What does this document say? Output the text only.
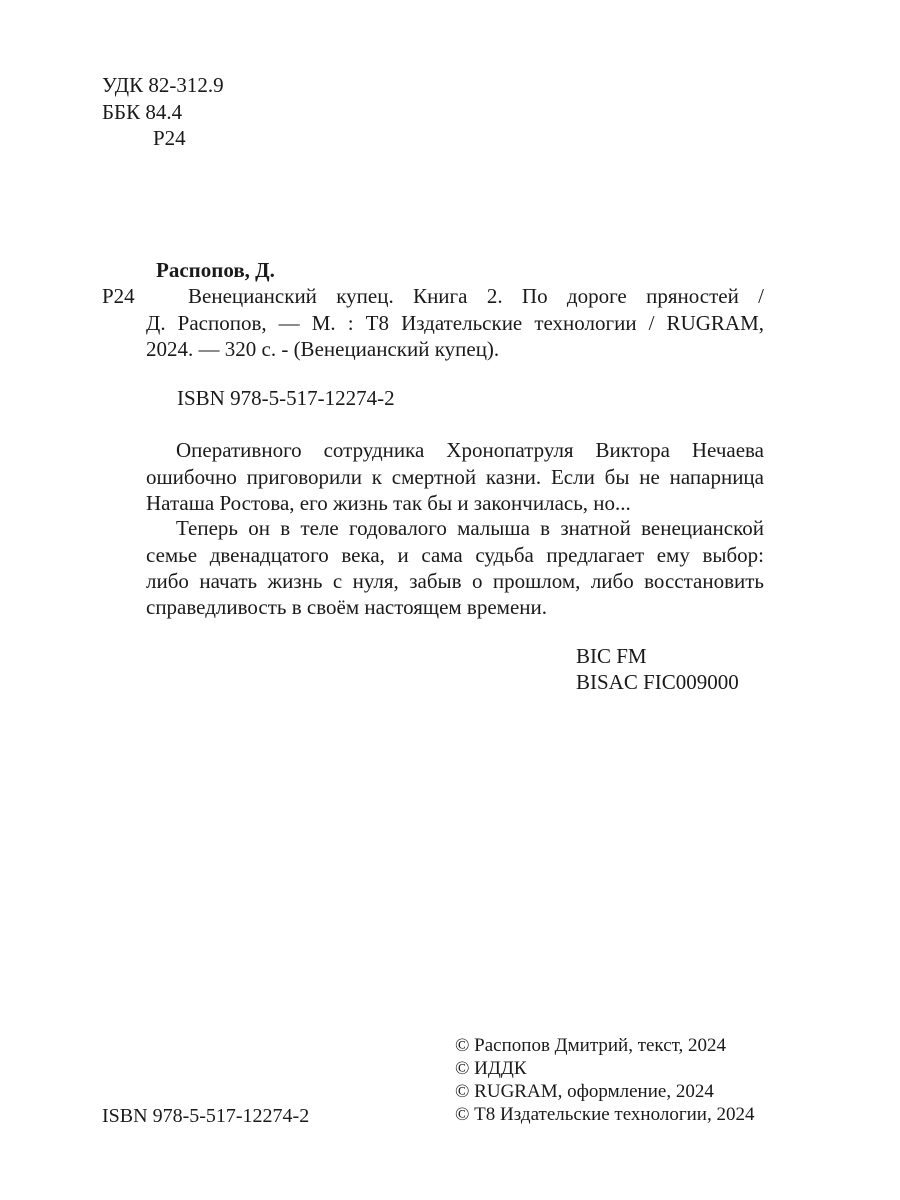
УДК 82-312.9
ББК 84.4
Р24
Распопов, Д.
Р24	Венецианский купец. Книга 2. По дороге пряностей /
Д. Распопов, — М. : Т8 Издательские технологии / RUGRAM,
2024. — 320 с. - (Венецианский купец).
ISBN 978-5-517-12274-2
Оперативного сотрудника Хронопатруля Виктора Нечаева
ошибочно приговорили к смертной казни. Если бы не напарница
Наташа Ростова, его жизнь так бы и закончилась, но...
Теперь он в теле годовалого малыша в знатной венецианской
семье двенадцатого века, и сама судьба предлагает ему выбор:
либо начать жизнь с нуля, забыв о прошлом, либо восстановить
справедливость в своём настоящем времени.
BIC FM
BISAC FIC009000
ISBN 978-5-517-12274-2
© Распопов Дмитрий, текст, 2024
© ИДДК
© RUGRAM, оформление, 2024
© Т8 Издательские технологии, 2024
